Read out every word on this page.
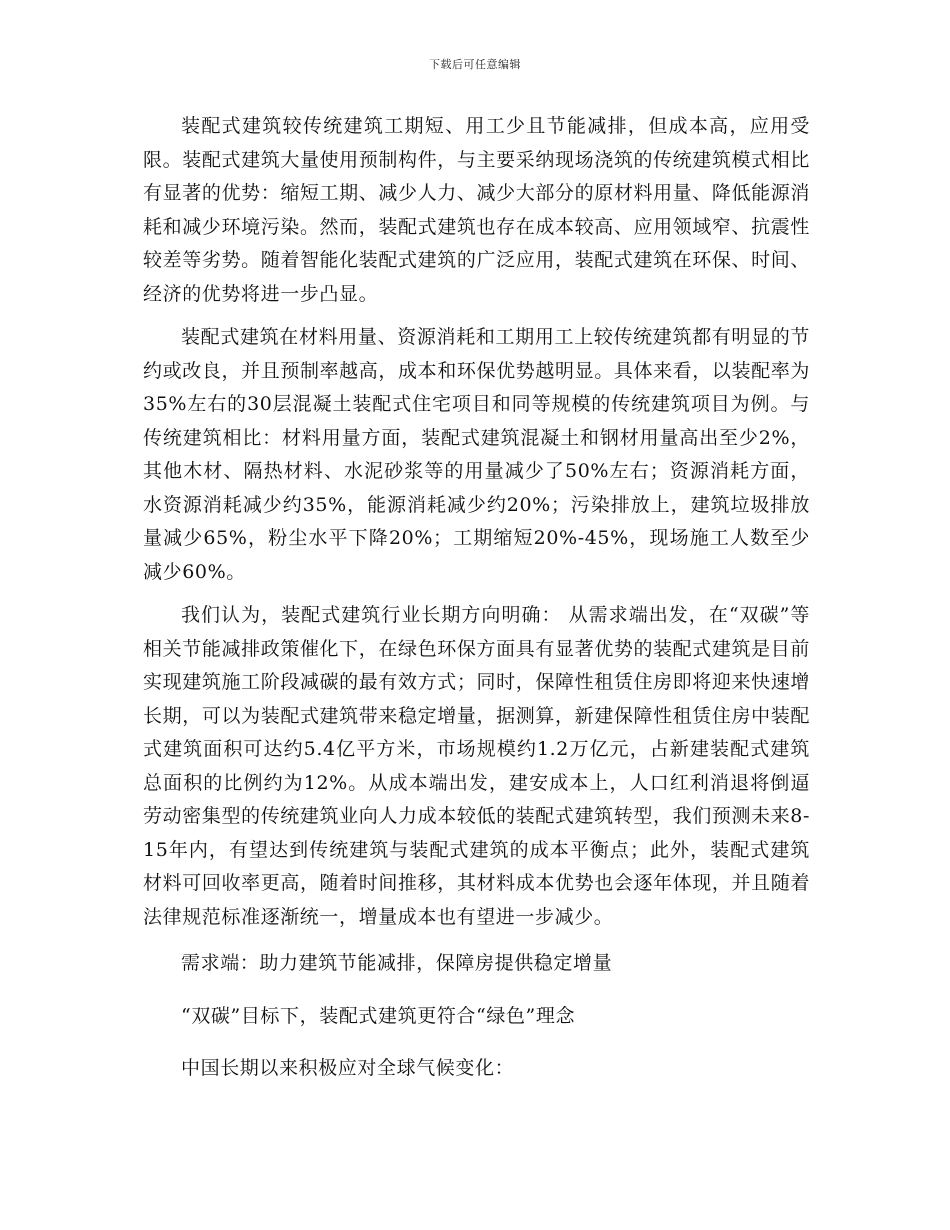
下载后可任意编辑

装配式建筑较传统建筑工期短、用工少且节能减排，但成本高，应用受限。装配式建筑大量使用预制构件，与主要采纳现场浇筑的传统建筑模式相比有显著的优势：缩短工期、减少人力、减少大部分的原材料用量、降低能源消耗和减少环境污染。然而，装配式建筑也存在成本较高、应用领域窄、抗震性较差等劣势。随着智能化装配式建筑的广泛应用，装配式建筑在环保、时间、经济的优势将进一步凸显。

装配式建筑在材料用量、资源消耗和工期用工上较传统建筑都有明显的节约或改良，并且预制率越高，成本和环保优势越明显。具体来看，以装配率为35%左右的30层混凝土装配式住宅项目和同等规模的传统建筑项目为例。与传统建筑相比：材料用量方面，装配式建筑混凝土和钢材用量高出至少2%，其他木材、隔热材料、水泥砂浆等的用量减少了50%左右；资源消耗方面，水资源消耗减少约35%，能源消耗减少约20%；污染排放上，建筑垃圾排放量减少65%，粉尘水平下降20%；工期缩短20%-45%，现场施工人数至少减少60%。

我们认为，装配式建筑行业长期方向明确： 从需求端出发，在“双碳”等相关节能减排政策催化下，在绿色环保方面具有显著优势的装配式建筑是目前实现建筑施工阶段减碳的最有效方式；同时，保障性租赁住房即将迎来快速增长期，可以为装配式建筑带来稳定增量，据测算，新建保障性租赁住房中装配式建筑面积可达约5.4亿平方米，市场规模约1.2万亿元，占新建装配式建筑总面积的比例约为12%。从成本端出发，建安成本上，人口红利消退将倒逼劳动密集型的传统建筑业向人力成本较低的装配式建筑转型，我们预测未来8-15年内，有望达到传统建筑与装配式建筑的成本平衡点；此外，装配式建筑材料可回收率更高，随着时间推移，其材料成本优势也会逐年体现，并且随着法律规范标准逐渐统一，增量成本也有望进一步减少。

需求端：助力建筑节能减排，保障房提供稳定增量

“双碳”目标下，装配式建筑更符合“绿色”理念

中国长期以来积极应对全球气候变化：
